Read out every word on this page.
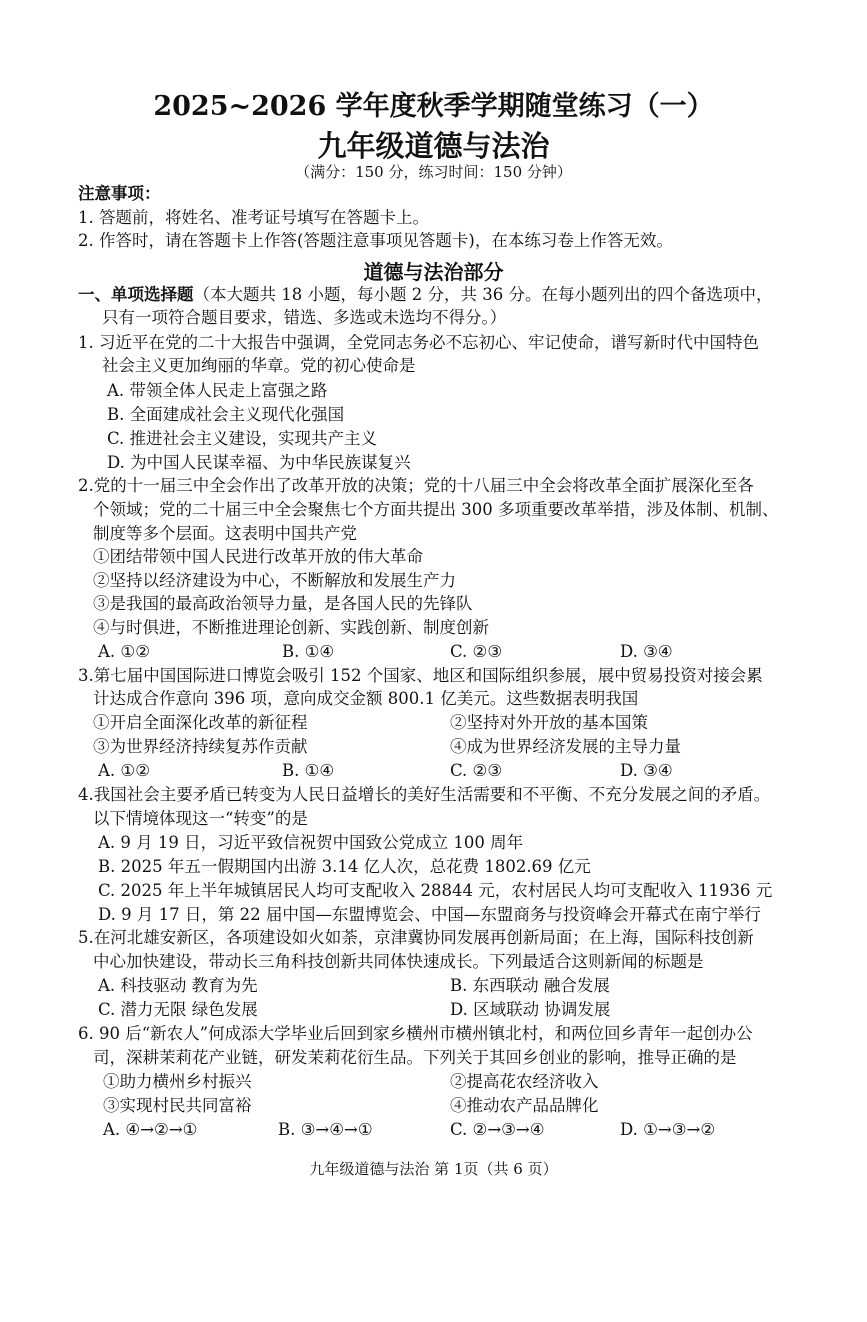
2025~2026 学年度秋季学期随堂练习（一）
九年级道德与法治
（满分：150 分，练习时间：150 分钟）
注意事项：
1. 答题前，将姓名、准考证号填写在答题卡上。
2. 作答时，请在答题卡上作答(答题注意事项见答题卡)，在本练习卷上作答无效。
道德与法治部分
一、单项选择题（本大题共 18 小题，每小题 2 分，共 36 分。在每小题列出的四个备选项中，
只有一项符合题目要求，错选、多选或未选均不得分。）
1. 习近平在党的二十大报告中强调，全党同志务必不忘初心、牢记使命，谱写新时代中国特色
社会主义更加绚丽的华章。党的初心使命是
A. 带领全体人民走上富强之路
B. 全面建成社会主义现代化强国
C. 推进社会主义建设，实现共产主义
D. 为中国人民谋幸福、为中华民族谋复兴
2.党的十一届三中全会作出了改革开放的决策；党的十八届三中全会将改革全面扩展深化至各
个领域；党的二十届三中全会聚焦七个方面共提出 300 多项重要改革举措，涉及体制、机制、
制度等多个层面。这表明中国共产党
①团结带领中国人民进行改革开放的伟大革命
②坚持以经济建设为中心，不断解放和发展生产力
③是我国的最高政治领导力量，是各国人民的先锋队
④与时俱进，不断推进理论创新、实践创新、制度创新
A. ①②	B. ①④	C. ②③	D. ③④
3.第七届中国国际进口博览会吸引 152 个国家、地区和国际组织参展，展中贸易投资对接会累
计达成合作意向 396 项，意向成交金额 800.1 亿美元。这些数据表明我国
①开启全面深化改革的新征程	②坚持对外开放的基本国策
③为世界经济持续复苏作贡献	④成为世界经济发展的主导力量
A. ①②	B. ①④	C. ②③	D. ③④
4.我国社会主要矛盾已转变为人民日益增长的美好生活需要和不平衡、不充分发展之间的矛盾。
以下情境体现这一“转变”的是
A. 9 月 19 日，习近平致信祝贺中国致公党成立 100 周年
B. 2025 年五一假期国内出游 3.14 亿人次，总花费 1802.69 亿元
C. 2025 年上半年城镇居民人均可支配收入 28844 元，农村居民人均可支配收入 11936 元
D. 9 月 17 日，第 22 届中国—东盟博览会、中国—东盟商务与投资峰会开幕式在南宁举行
5.在河北雄安新区，各项建设如火如荼，京津冀协同发展再创新局面；在上海，国际科技创新
中心加快建设，带动长三角科技创新共同体快速成长。下列最适合这则新闻的标题是
A. 科技驱动 教育为先	B. 东西联动 融合发展
C. 潜力无限 绿色发展	D. 区域联动 协调发展
6. 90 后“新农人”何成添大学毕业后回到家乡横州市横州镇北村，和两位回乡青年一起创办公
司，深耕茉莉花产业链，研发茉莉花衍生品。下列关于其回乡创业的影响，推导正确的是
①助力横州乡村振兴	②提高花农经济收入
③实现村民共同富裕	④推动农产品品牌化
A. ④→②→①	B. ③→④→①	C. ②→③→④	D. ①→③→②
九年级道德与法治 第 1页（共 6 页）
